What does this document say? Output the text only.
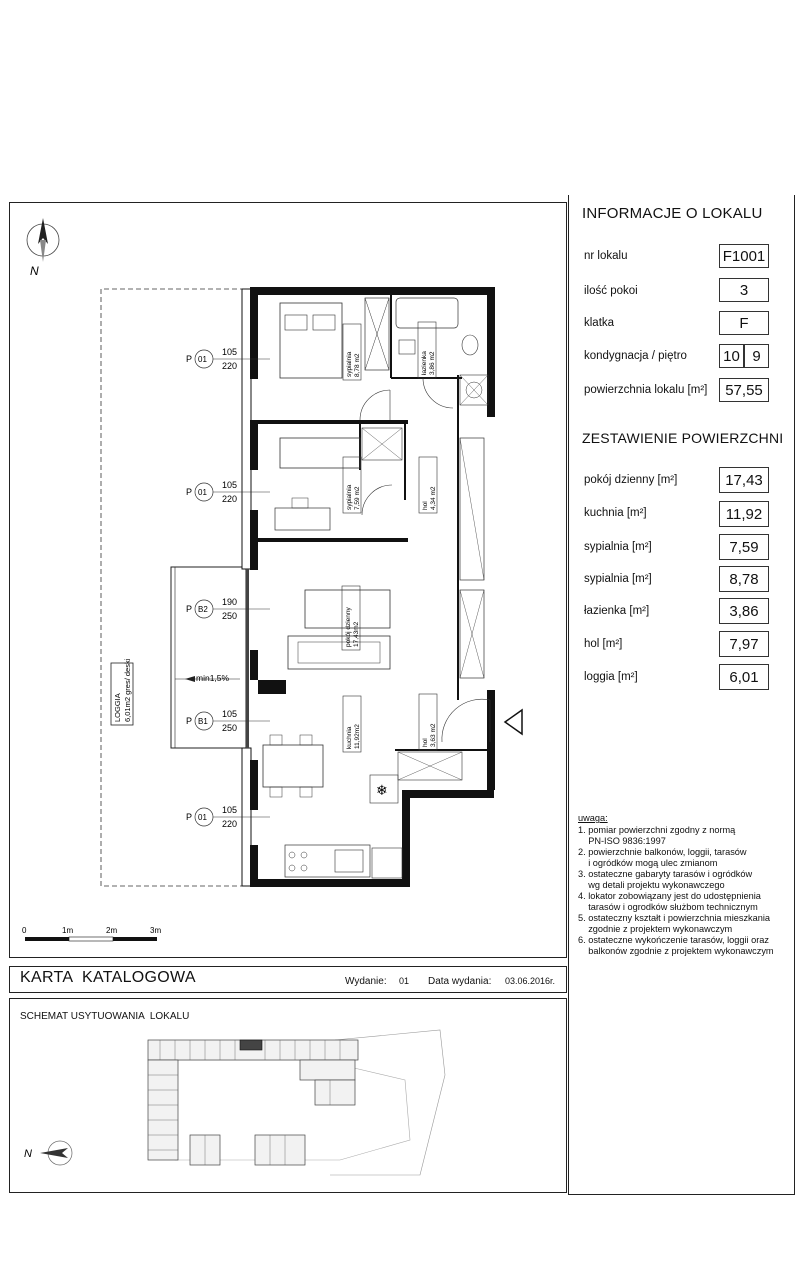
N
LOGGIA 6,01m2 gres/ deski	min1,5%
❄
sypialnia 8,78 m2	łazienka 3,86 m2
sypialnia 7,59 m2	hol 4,34 m2
pokój dzienny 17,43m2
kuchnia 11,92m2	hol 3,63 m2
P 01
105
220
P 01
105
220
P B2
190
250
P B1
105
250
P 01
105
220
0	1m	2m	3m
INFORMACJE O LOKALU
nr lokalu	F1001
ilość pokoi	3
klatka	F
kondygnacja / piętro 10 9
powierzchnia lokalu [m²]	57,55
ZESTAWIENIE POWIERZCHNI
pokój dzienny [m²]	17,43
kuchnia [m²]	11,92
sypialnia [m²]	7,59
sypialnia [m²]	8,78
łazienka [m²]	3,86
hol [m²]	7,97
loggia [m²]	6,01
uwaga:
1. pomiar powierzchni zgodny z normą
PN-ISO 9836:1997
2. powierzchnie balkonów, loggii, tarasów
i ogródków mogą ulec zmianom
3. ostateczne gabaryty tarasów i ogródków
wg detali projektu wykonawczego
4. lokator zobowiązany jest do udostępnienia
tarasów i ogrodków służbom technicznym
5. ostateczny kształt i powierzchnia mieszkania
zgodnie z projektem wykonawczym
6. ostateczne wykończenie tarasów, loggii oraz
balkonów zgodnie z projektem wykonawczym
KARTA  KATALOGOWA	Wydanie: 01 Data wydania: 03.06.2016r.
SCHEMAT USYTUOWANIA  LOKALU
N
